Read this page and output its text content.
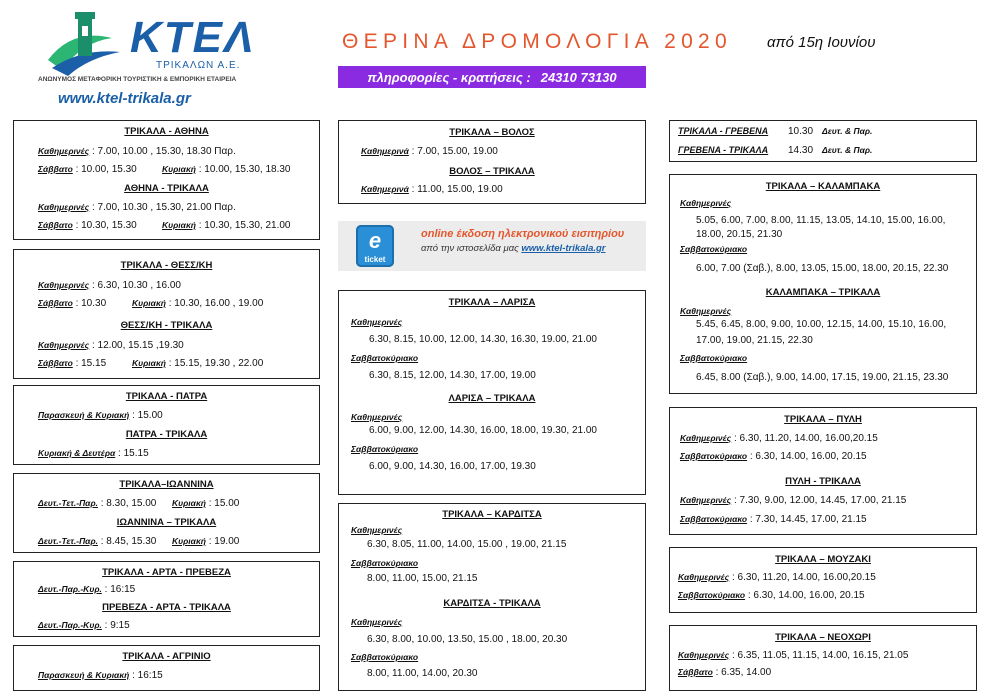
ΚΤΕΛ
ΤΡΙΚΑΛΩΝ Α.Ε.
ΑΝΩΝΥΜΟΣ ΜΕΤΑΦΟΡΙΚΗ ΤΟΥΡΙΣΤΙΚΗ & ΕΜΠΟΡΙΚΗ ΕΤΑΙΡΕΙΑ
www.ktel-trikala.gr
ΘΕΡΙΝΑ ΔΡΟΜΟΛΟΓΙΑ 2020 από 15η Ιουνίου
πληροφορίες - κρατήσεις : 24310 73130
ΤΡΙΚΑΛΑ - ΑΘΗΝΑ
Καθημερινές : 7.00, 10.00 , 15.30, 18.30 Παρ.
Σάββατο : 10.00, 15.30	Κυριακή : 10.00, 15.30, 18.30
ΑΘΗΝΑ - ΤΡΙΚΑΛΑ
Καθημερινές : 7.00, 10.30 , 15.30, 21.00 Παρ.
Σάββατο : 10.30, 15.30	Κυριακή : 10.30, 15.30, 21.00
ΤΡΙΚΑΛΑ - ΘΕΣΣ/ΚΗ
Καθημερινές : 6.30, 10.30 , 16.00
Σάββατο : 10.30	Κυριακή : 10.30, 16.00 , 19.00
ΘΕΣΣ/ΚΗ - ΤΡΙΚΑΛΑ
Καθημερινές : 12.00, 15.15 ,19.30
Σάββατο : 15.15	Κυριακή : 15.15, 19.30 , 22.00
ΤΡΙΚΑΛΑ - ΠΑΤΡΑ
Παρασκευή & Κυριακή : 15.00
ΠΑΤΡΑ - ΤΡΙΚΑΛΑ
Κυριακή & Δευτέρα : 15.15
ΤΡΙΚΑΛΑ–ΙΩΑΝΝΙΝΑ
Δευτ.-Τετ.-Παρ. : 8.30, 15.00 Κυριακή : 15.00
ΙΩΑΝΝΙΝΑ – ΤΡΙΚΑΛΑ
Δευτ.-Τετ.-Παρ. : 8.45, 15.30 Κυριακή : 19.00
ΤΡΙΚΑΛΑ - ΑΡΤΑ - ΠΡΕΒΕΖΑ
Δευτ.-Παρ.-Κυρ. : 16:15
ΠΡΕΒΕΖΑ - ΑΡΤΑ - ΤΡΙΚΑΛΑ
Δευτ.-Παρ.-Κυρ. : 9:15
ΤΡΙΚΑΛΑ - ΑΓΡΙΝΙΟ
Παρασκευή & Κυριακή : 16:15
ΤΡΙΚΑΛΑ – ΒΟΛΟΣ
Καθημερινά : 7.00, 15.00, 19.00
ΒΟΛΟΣ – ΤΡΙΚΑΛΑ
Καθημερινά : 11.00, 15.00, 19.00
e
ticket
online έκδοση ηλεκτρονικού εισιτηρίου
από την ιστοσελίδα μας www.ktel-trikala.gr
ΤΡΙΚΑΛΑ – ΛΑΡΙΣΑ
Καθημερινές
6.30, 8.15, 10.00, 12.00, 14.30, 16.30, 19.00, 21.00
Σαββατοκύριακο
6.30, 8.15, 12.00, 14.30, 17.00, 19.00
ΛΑΡΙΣΑ – ΤΡΙΚΑΛΑ
Καθημερινές
6.00, 9.00, 12.00, 14.30, 16.00, 18.00, 19.30, 21.00
Σαββατοκύριακο
6.00, 9.00, 14.30, 16.00, 17.00, 19.30
ΤΡΙΚΑΛΑ – ΚΑΡΔΙΤΣΑ
Καθημερινές
6.30, 8.05, 11.00, 14.00, 15.00 , 19.00, 21.15
Σαββατοκύριακο
8.00, 11.00, 15.00, 21.15
ΚΑΡΔΙΤΣΑ - ΤΡΙΚΑΛΑ
Καθημερινές
6.30, 8.00, 10.00, 13.50, 15.00 , 18.00, 20.30
Σαββατοκύριακο
8.00, 11.00, 14.00, 20.30
ΤΡΙΚΑΛΑ - ΓΡΕΒΕΝΑ 10.30 Δευτ. & Παρ.
ΓΡΕΒΕΝΑ - ΤΡΙΚΑΛΑ 14.30 Δευτ. & Παρ.
ΤΡΙΚΑΛΑ – ΚΑΛΑΜΠΑΚΑ
Καθημερινές
5.05, 6.00, 7.00, 8.00, 11.15, 13.05, 14.10, 15.00, 16.00,
18.00, 20.15, 21.30
Σαββατοκύριακο
6.00, 7.00 (Σαβ.), 8.00, 13.05, 15.00, 18.00, 20.15, 22.30
ΚΑΛΑΜΠΑΚΑ – ΤΡΙΚΑΛΑ
Καθημερινές
5.45, 6.45, 8.00, 9.00, 10.00, 12.15, 14.00, 15.10, 16.00,
17.00, 19.00, 21.15, 22.30
Σαββατοκύριακο
6.45, 8.00 (Σαβ.), 9.00, 14.00, 17.15, 19.00, 21.15, 23.30
ΤΡΙΚΑΛΑ – ΠΥΛΗ
Καθημερινές : 6.30, 11.20, 14.00, 16.00,20.15
Σαββατοκύριακο : 6.30, 14.00, 16.00, 20.15
ΠΥΛΗ - ΤΡΙΚΑΛΑ
Καθημερινές : 7.30, 9.00, 12.00, 14.45, 17.00, 21.15
Σαββατοκύριακο : 7.30, 14.45, 17.00, 21.15
ΤΡΙΚΑΛΑ – ΜΟΥΖΑΚΙ
Καθημερινές : 6.30, 11.20, 14.00, 16.00,20.15
Σαββατοκύριακο : 6.30, 14.00, 16.00, 20.15
ΤΡΙΚΑΛΑ – ΝΕΟΧΩΡΙ
Καθημερινές : 6.35, 11.05, 11.15, 14.00, 16.15, 21.05
Σάββατο : 6.35, 14.00
